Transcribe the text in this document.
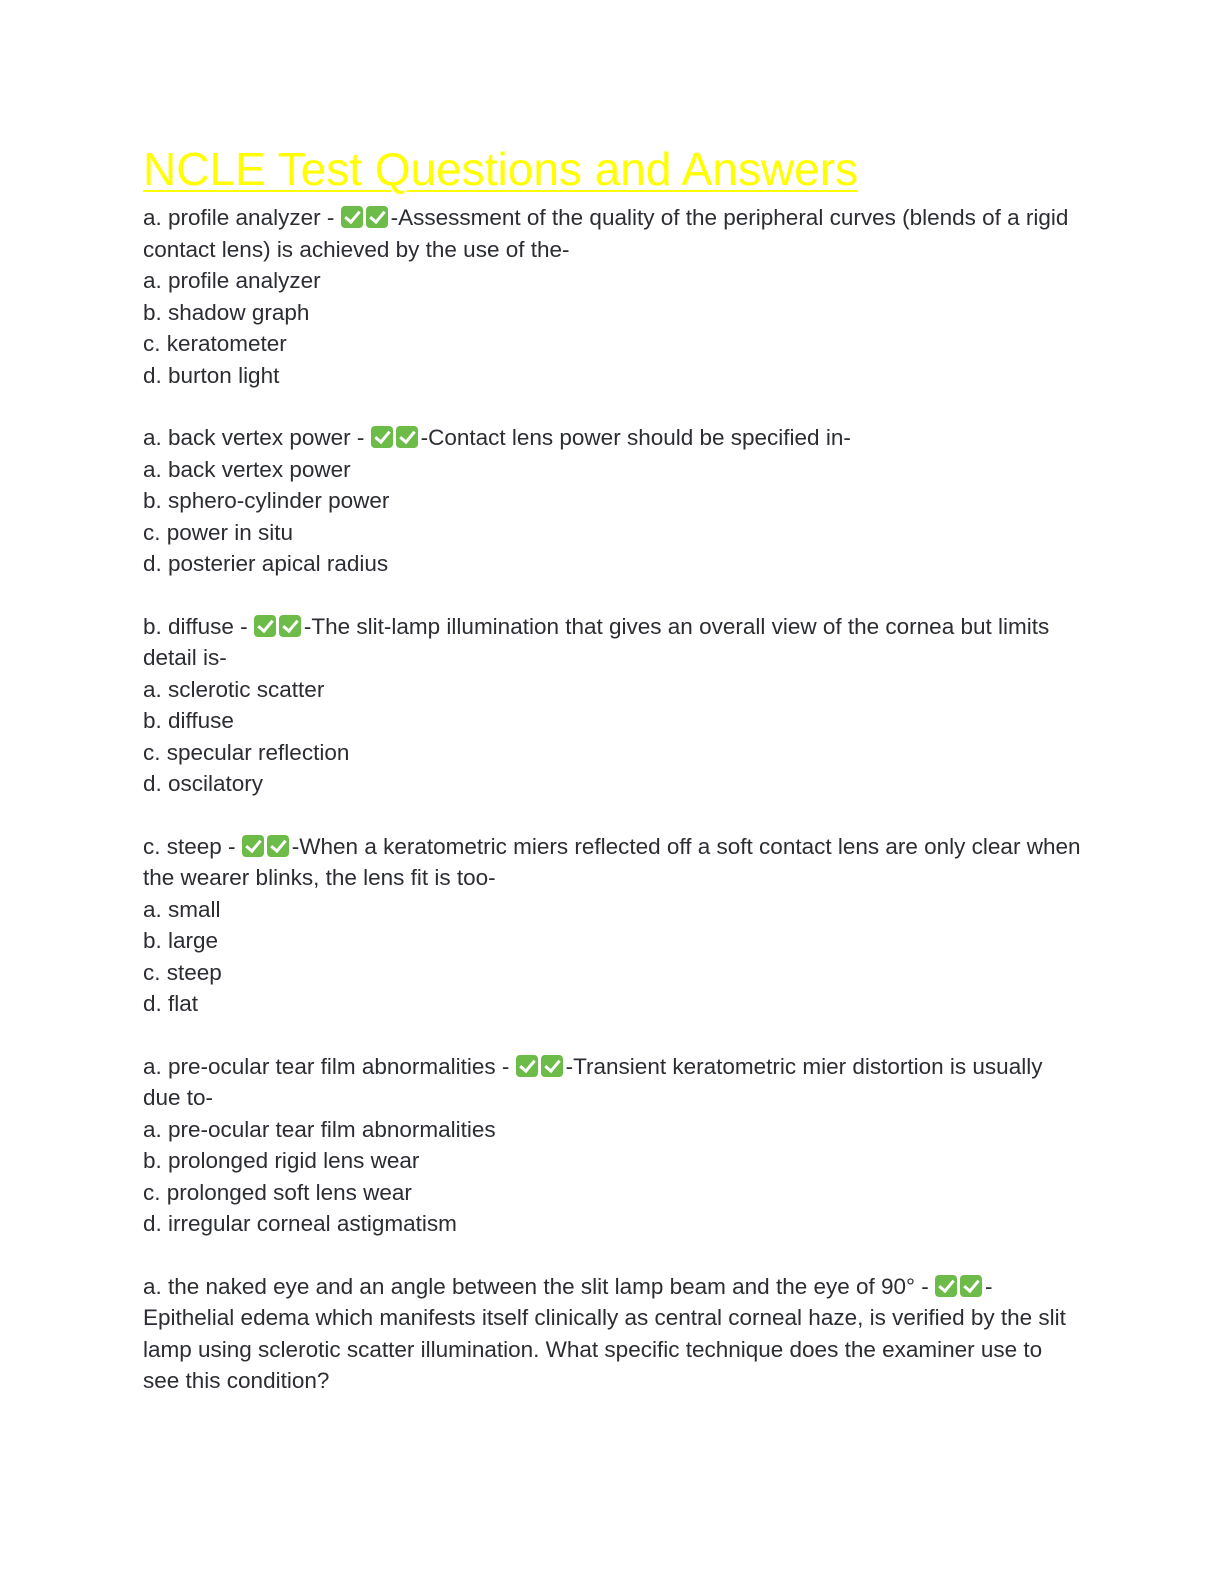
NCLE Test Questions and Answers
a. profile analyzer - -Assessment of the quality of the peripheral curves (blends of a rigid contact lens) is achieved by the use of the-
a. profile analyzer
b. shadow graph
c. keratometer
d. burton light
a. back vertex power - -Contact lens power should be specified in-
a. back vertex power
b. sphero-cylinder power
c. power in situ
d. posterier apical radius
b. diffuse - -The slit-lamp illumination that gives an overall view of the cornea but limits detail is-
a. sclerotic scatter
b. diffuse
c. specular reflection
d. oscilatory
c. steep - -When a keratometric miers reflected off a soft contact lens are only clear when the wearer blinks, the lens fit is too-
a. small
b. large
c. steep
d. flat
a. pre-ocular tear film abnormalities - -Transient keratometric mier distortion is usually due to-
a. pre-ocular tear film abnormalities
b. prolonged rigid lens wear
c. prolonged soft lens wear
d. irregular corneal astigmatism
a. the naked eye and an angle between the slit lamp beam and the eye of 90° - -Epithelial edema which manifests itself clinically as central corneal haze, is verified by the slit lamp using sclerotic scatter illumination. What specific technique does the examiner use to see this condition?
